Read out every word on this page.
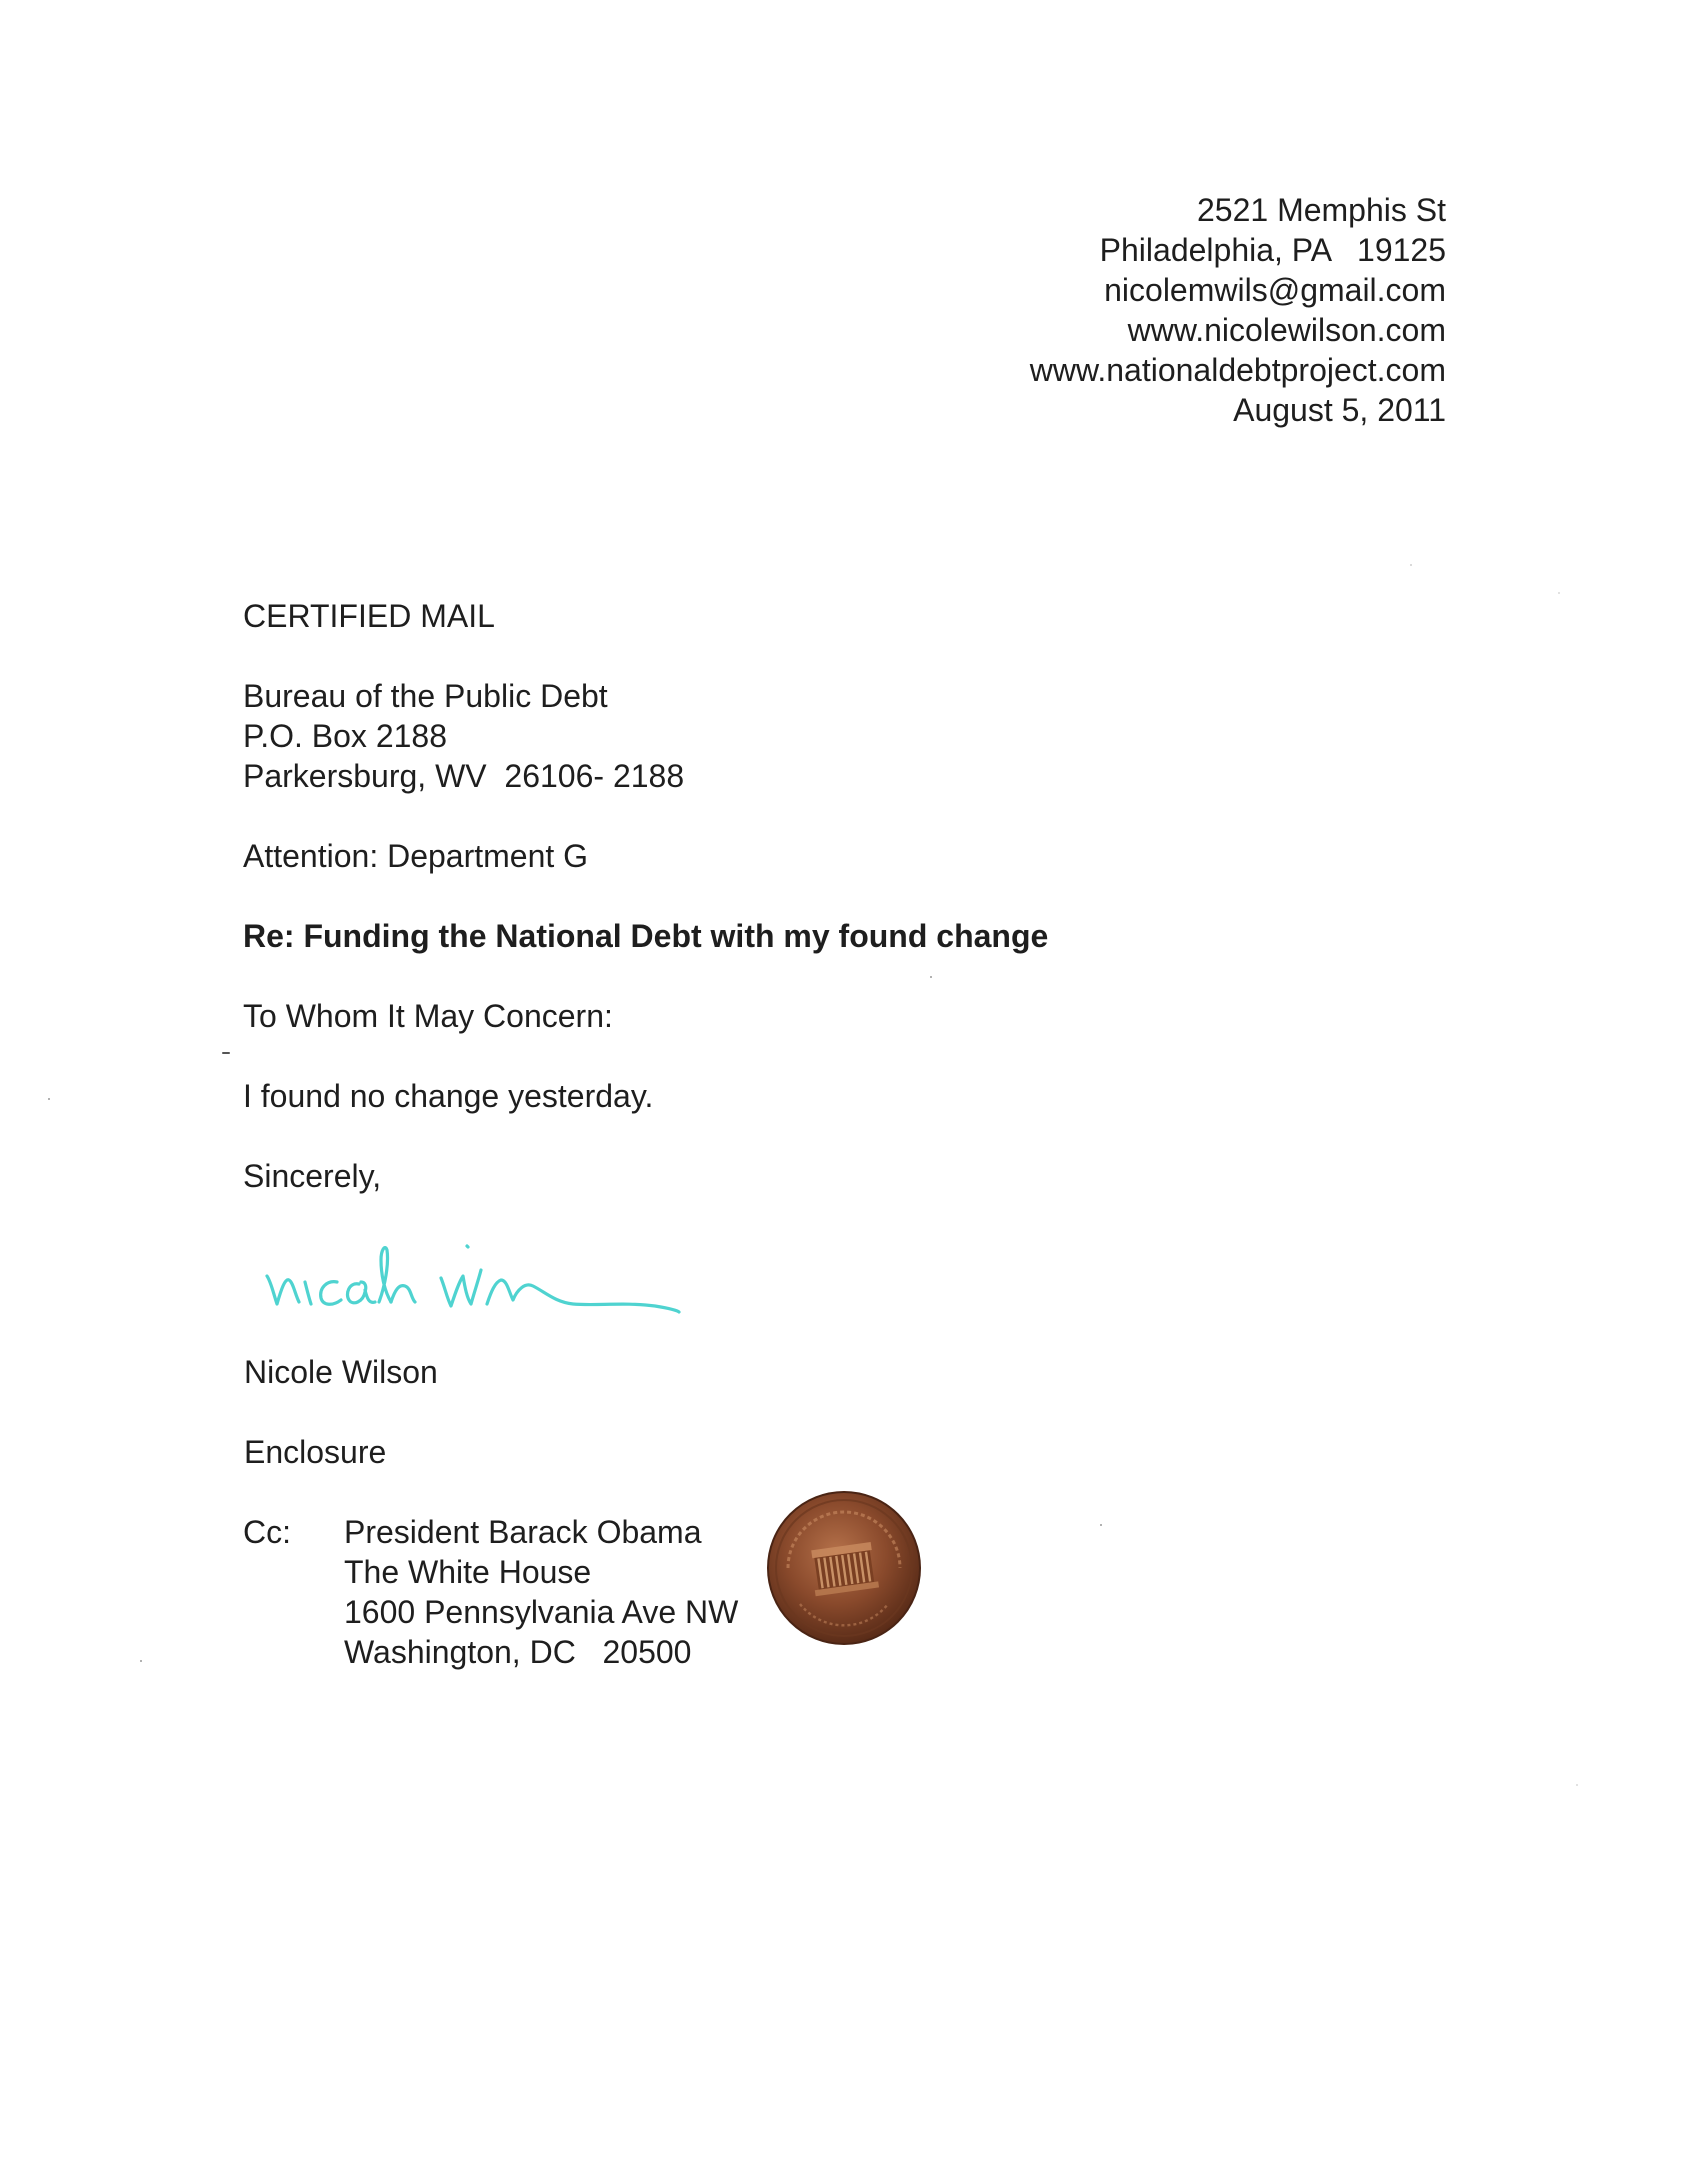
2521 Memphis St
Philadelphia, PA   19125
nicolemwils@gmail.com
www.nicolewilson.com
www.nationaldebtproject.com
August 5, 2011
CERTIFIED MAIL
Bureau of the Public Debt
P.O. Box 2188
Parkersburg, WV  26106- 2188
Attention: Department G
Re: Funding the National Debt with my found change
To Whom It May Concern:
I found no change yesterday.
Sincerely,
Nicole Wilson
Enclosure
Cc: President Barack Obama
The White House
1600 Pennsylvania Ave NW
Washington, DC   20500
